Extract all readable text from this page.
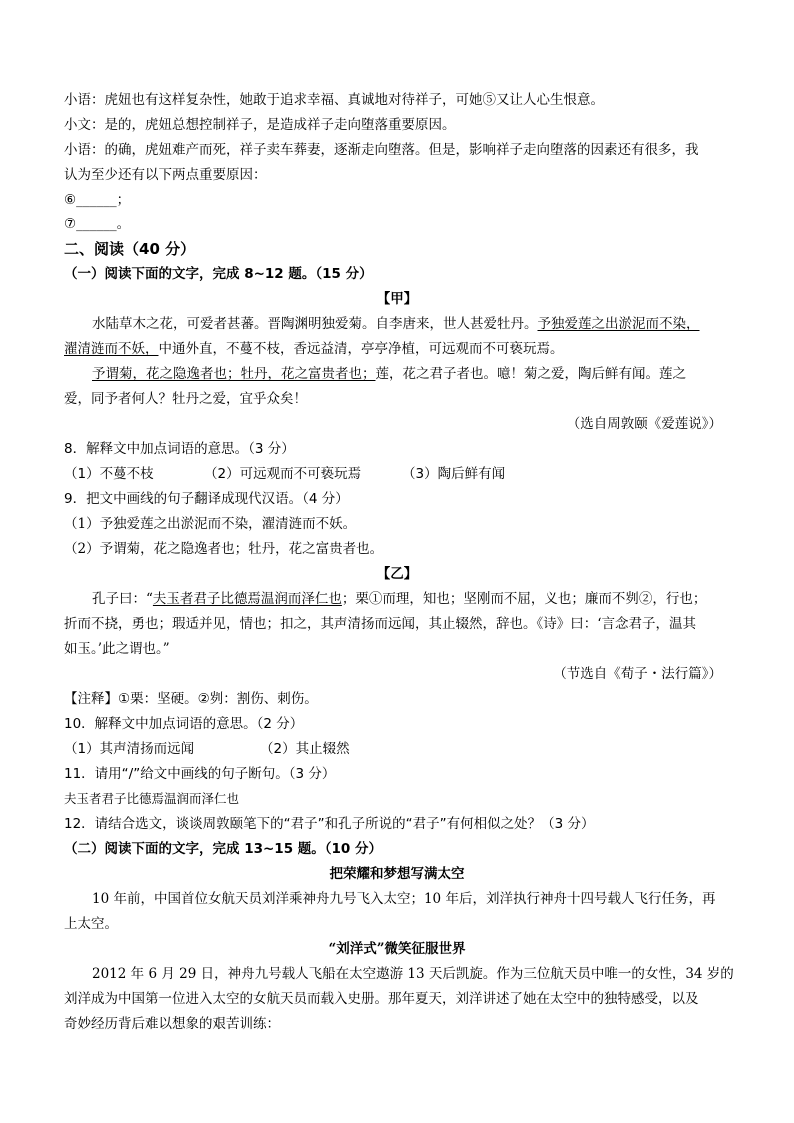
小语：虎妞也有这样复杂性，她敢于追求幸福、真诚地对待祥子，可她⑤又让人心生恨意。
小文：是的，虎妞总想控制祥子，是造成祥子走向堕落重要原因。
小语：的确，虎妞难产而死，祥子卖车葬妻，逐渐走向堕落。但是，影响祥子走向堕落的因素还有很多，我
认为至少还有以下两点重要原因：
⑥______；
⑦______。
二、阅读（40 分）
（一）阅读下面的文字，完成 8~12 题。（15 分）
【甲】
水陆草木之花，可爱者甚蕃。晋陶渊明独爱菊。自李唐来，世人甚爱牡丹。予独爱莲之出淤泥而不染，
濯清涟而不妖，中通外直，不蔓不枝，香远益清，亭亭净植，可远观而不可亵玩焉。
予谓菊，花之隐逸者也；牡丹，花之富贵者也；莲，花之君子者也。噫！菊之爱，陶后鲜有闻。莲之
爱，同予者何人？牡丹之爱，宜乎众矣！
（选自周敦颐《爱莲说》）
8．解释文中加点词语的意思。（3 分）
（1）不蔓不枝	（2）可远观而不可亵玩焉	（3）陶后鲜有闻
9．把文中画线的句子翻译成现代汉语。（4 分）
（1）予独爱莲之出淤泥而不染，濯清涟而不妖。
（2）予谓菊，花之隐逸者也；牡丹，花之富贵者也。
【乙】
孔子曰：“夫玉者君子比德焉温润而泽仁也；栗①而理，知也；坚刚而不屈，义也；廉而不刿②，行也；
折而不挠，勇也；瑕适并见，情也；扣之，其声清扬而远闻，其止辍然，辞也。《诗》曰：‘言念君子，温其
如玉。’此之谓也。”
（节选自《荀子・法行篇》）
【注释】①栗：坚硬。②刿：割伤、刺伤。
10．解释文中加点词语的意思。（2 分）
（1）其声清扬而远闻	（2）其止辍然
11．请用“/”给文中画线的句子断句。（3 分）
夫玉者君子比德焉温润而泽仁也
12．请结合选文，谈谈周敦颐笔下的“君子”和孔子所说的“君子”有何相似之处？（3 分）
（二）阅读下面的文字，完成 13~15 题。（10 分）
把荣耀和梦想写满太空
10 年前，中国首位女航天员刘洋乘神舟九号飞入太空；10 年后，刘洋执行神舟十四号载人飞行任务，再
上太空。
“刘洋式”微笑征服世界
2012 年 6 月 29 日，神舟九号载人飞船在太空遨游 13 天后凯旋。作为三位航天员中唯一的女性，34 岁的
刘洋成为中国第一位进入太空的女航天员而载入史册。那年夏天，刘洋讲述了她在太空中的独特感受，以及
奇妙经历背后难以想象的艰苦训练：
